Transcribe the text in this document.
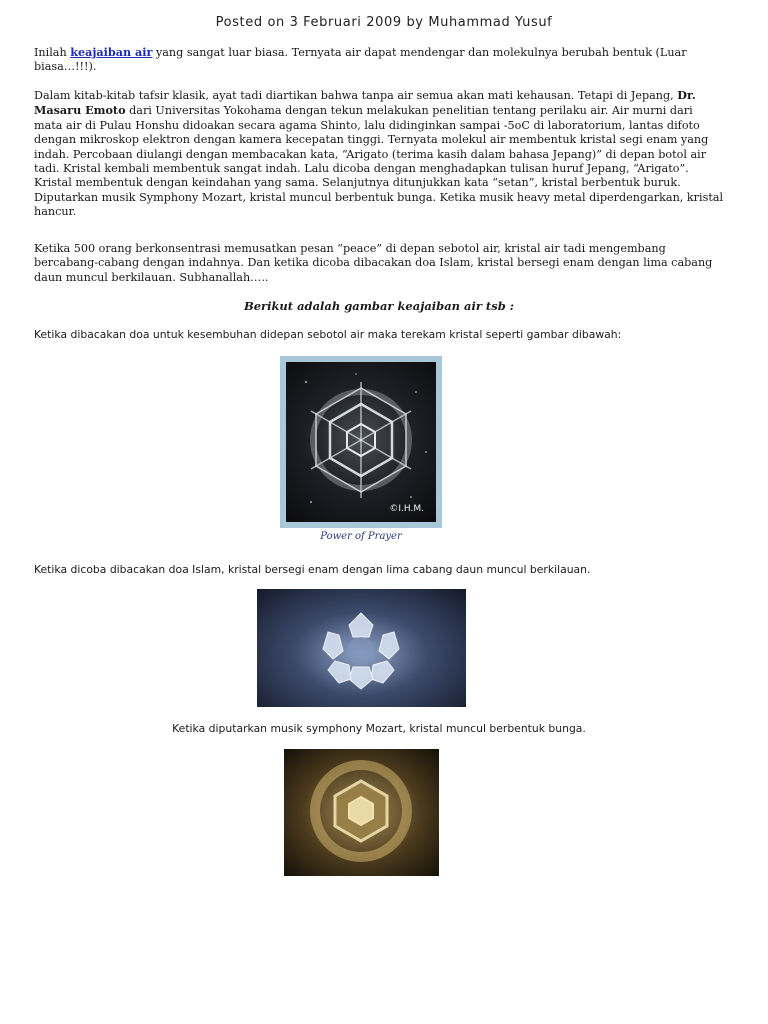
Posted on 3 Februari 2009 by Muhammad Yusuf
Inilah keajaiban air yang sangat luar biasa. Ternyata air dapat mendengar dan molekulnya berubah bentuk (Luar biasa…!!!).
Dalam kitab-kitab tafsir klasik, ayat tadi diartikan bahwa tanpa air semua akan mati kehausan. Tetapi di Jepang, Dr. Masaru Emoto dari Universitas Yokohama dengan tekun melakukan penelitian tentang perilaku air. Air murni dari mata air di Pulau Honshu didoakan secara agama Shinto, lalu didinginkan sampai -5oC di laboratorium, lantas difoto dengan mikroskop elektron dengan kamera kecepatan tinggi. Ternyata molekul air membentuk kristal segi enam yang indah. Percobaan diulangi dengan membacakan kata, “Arigato (terima kasih dalam bahasa Jepang)” di depan botol air tadi. Kristal kembali membentuk sangat indah. Lalu dicoba dengan menghadapkan tulisan huruf Jepang, “Arigato”. Kristal membentuk dengan keindahan yang sama. Selanjutnya ditunjukkan kata “setan”, kristal berbentuk buruk. Diputarkan musik Symphony Mozart, kristal muncul berbentuk bunga. Ketika musik heavy metal diperdengarkan, kristal hancur.
Ketika 500 orang berkonsentrasi memusatkan pesan “peace” di depan sebotol air, kristal air tadi mengembang bercabang-cabang dengan indahnya. Dan ketika dicoba dibacakan doa Islam, kristal bersegi enam dengan lima cabang daun muncul berkilauan. Subhanallah…..
Berikut adalah gambar keajaiban air tsb :
Ketika dibacakan doa untuk kesembuhan didepan sebotol air maka terekam kristal seperti gambar dibawah:
©I.H.M.
Power of Prayer
Ketika dicoba dibacakan doa Islam, kristal bersegi enam dengan lima cabang daun muncul berkilauan.
Ketika diputarkan musik symphony Mozart, kristal muncul berbentuk bunga.
